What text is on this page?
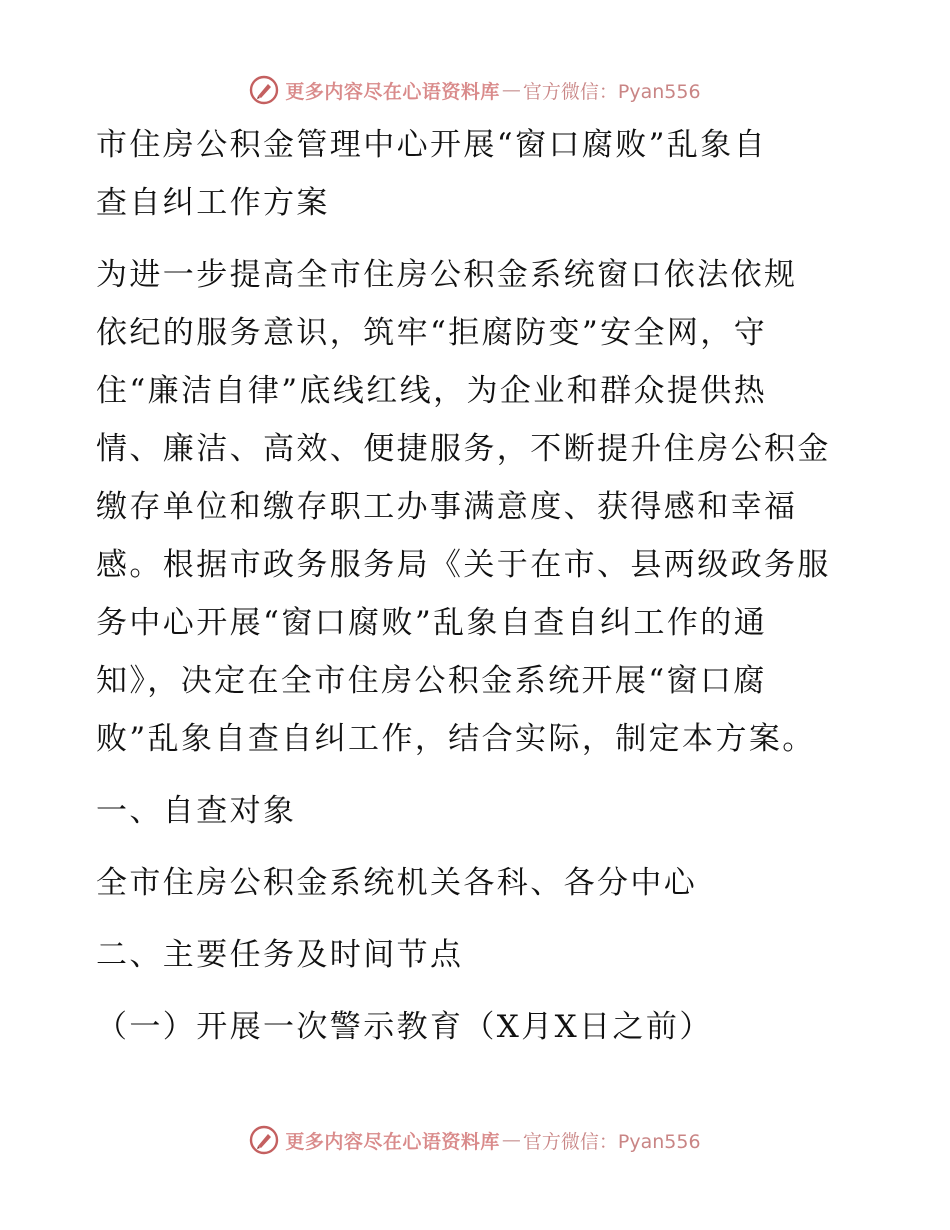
更多内容尽在心语资料库 — 官方微信：Pyan556
市住房公积金管理中心开展“窗口腐败”乱象自
查自纠工作方案
为进一步提高全市住房公积金系统窗口依法依规
依纪的服务意识，筑牢“拒腐防变”安全网，守
住“廉洁自律”底线红线，为企业和群众提供热
情、廉洁、高效、便捷服务，不断提升住房公积金
缴存单位和缴存职工办事满意度、获得感和幸福
感。根据市政务服务局《关于在市、县两级政务服
务中心开展“窗口腐败”乱象自查自纠工作的通
知》，决定在全市住房公积金系统开展“窗口腐
败”乱象自查自纠工作，结合实际，制定本方案。
一、自查对象
全市住房公积金系统机关各科、各分中心
二、主要任务及时间节点
（一）开展一次警示教育（X月X日之前）
更多内容尽在心语资料库 — 官方微信：Pyan556
